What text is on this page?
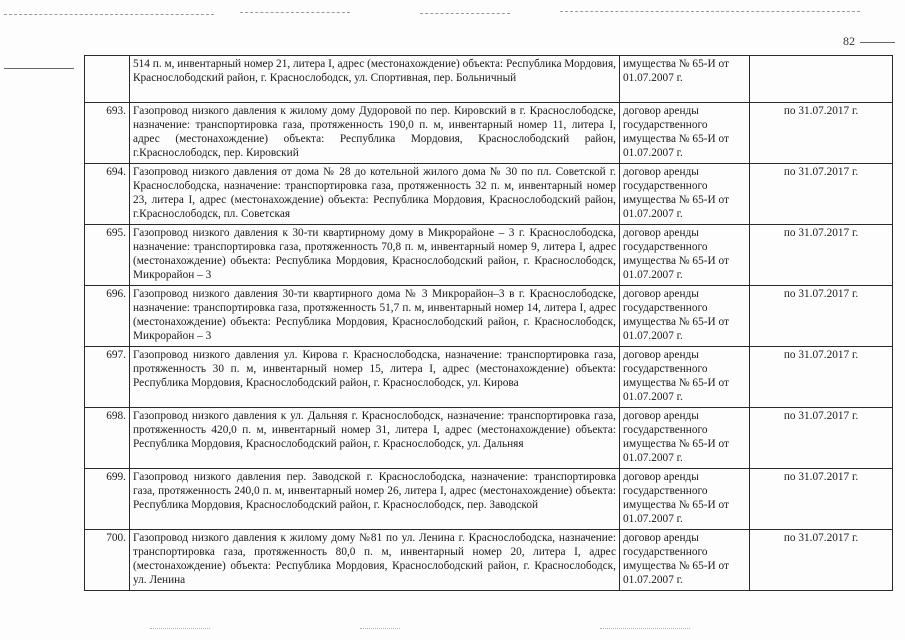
82
	514 п. м, инвентарный номер 21, литера I, адрес (местонахождение) объекта: Республика Мордовия, Краснослободский район, г. Краснослободск, ул. Спортивная, пер. Больничный	имущества № 65-И от 01.07.2007 г.	
693.	Газопровод низкого давления к жилому дому Дудоровой по пер. Кировский в г. Краснослободске, назначение: транспортировка газа, протяженность 190,0 п. м, инвентарный номер 11, литера I, адрес (местонахождение) объекта: Республика Мордовия, Краснослободский район, г.Краснослободск, пер. Кировский	договор аренды государственного имущества № 65-И от 01.07.2007 г.	по 31.07.2017 г.
694.	Газопровод низкого давления от дома № 28 до котельной жилого дома № 30 по пл. Советской г. Краснослободска, назначение: транспортировка газа, протяженность 32 п. м, инвентарный номер 23, литера I, адрес (местонахождение) объекта: Республика Мордовия, Краснослободский район, г.Краснослободск, пл. Советская	договор аренды государственного имущества № 65-И от 01.07.2007 г.	по 31.07.2017 г.
695.	Газопровод низкого давления к 30-ти квартирному дому в Микрорайоне – 3 г. Краснослободска, назначение: транспортировка газа, протяженность 70,8 п. м, инвентарный номер 9, литера I, адрес (местонахождение) объекта: Республика Мордовия, Краснослободский район, г. Краснослободск, Микрорайон – 3	договор аренды государственного имущества № 65-И от 01.07.2007 г.	по 31.07.2017 г.
696.	Газопровод низкого давления 30-ти квартирного дома № 3 Микрорайон–3 в г. Краснослободске, назначение: транспортировка газа, протяженность 51,7 п. м, инвентарный номер 14, литера I, адрес (местонахождение) объекта: Республика Мордовия, Краснослободский район, г. Краснослободск, Микрорайон – 3	договор аренды государственного имущества № 65-И от 01.07.2007 г.	по 31.07.2017 г.
697.	Газопровод низкого давления ул. Кирова г. Краснослободска, назначение: транспортировка газа, протяженность 30 п. м, инвентарный номер 15, литера I, адрес (местонахождение) объекта: Республика Мордовия, Краснослободский район, г. Краснослободск, ул. Кирова	договор аренды государственного имущества № 65-И от 01.07.2007 г.	по 31.07.2017 г.
698.	Газопровод низкого давления к ул. Дальняя г. Краснослободск, назначение: транспортировка газа, протяженность 420,0 п. м, инвентарный номер 31, литера I, адрес (местонахождение) объекта: Республика Мордовия, Краснослободский район, г. Краснослободск, ул. Дальняя	договор аренды государственного имущества № 65-И от 01.07.2007 г.	по 31.07.2017 г.
699.	Газопровод низкого давления пер. Заводской г. Краснослободска, назначение: транспортировка газа, протяженность 240,0 п. м, инвентарный номер 26, литера I, адрес (местонахождение) объекта: Республика Мордовия, Краснослободский район, г. Краснослободск, пер. Заводской	договор аренды государственного имущества № 65-И от 01.07.2007 г.	по 31.07.2017 г.
700.	Газопровод низкого давления к жилому дому №81 по ул. Ленина г. Краснослободска, назначение: транспортировка газа, протяженность 80,0 п. м, инвентарный номер 20, литера I, адрес (местонахождение) объекта: Республика Мордовия, Краснослободский район, г. Краснослободск, ул. Ленина	договор аренды государственного имущества № 65-И от 01.07.2007 г.	по 31.07.2017 г.
